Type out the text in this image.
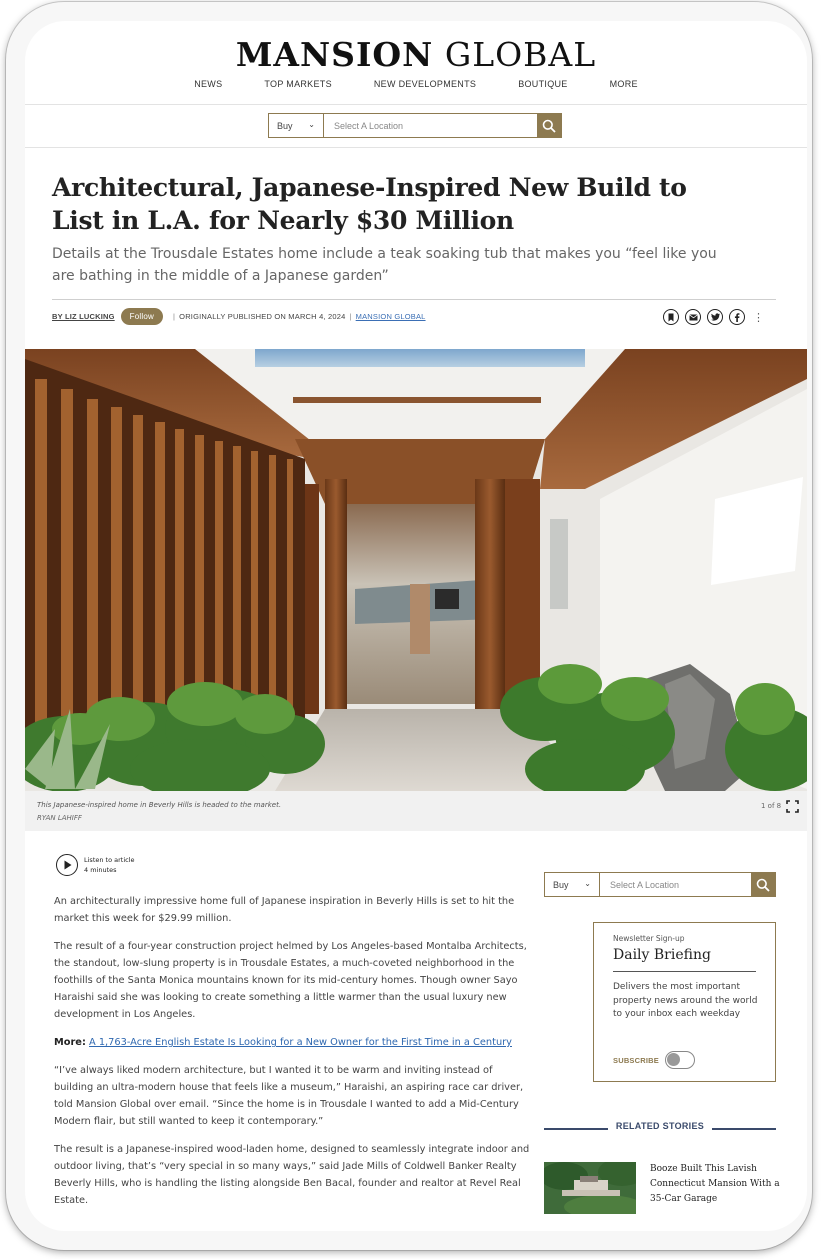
MANSION GLOBAL
NEWS	TOP MARKETS	NEW DEVELOPMENTS	BOUTIQUE	MORE
Buy ⌄	Select A Location
Architectural, Japanese-Inspired New Build to List in L.A. for Nearly $30 Million
Details at the Trousdale Estates home include a teak soaking tub that makes you “feel like you are bathing in the middle of a Japanese garden”
BY LIZ LUCKING	Follow	| ORIGINALLY PUBLISHED ON MARCH 4, 2024 | MANSION GLOBAL	⋮
This Japanese-inspired home in Beverly Hills is headed to the market.
RYAN LAHIFF
1 of 8
Listen to article
4 minutes

An architecturally impressive home full of Japanese inspiration in Beverly Hills is set to hit the market this week for $29.99 million.

The result of a four-year construction project helmed by Los Angeles-based Montalba Architects, the standout, low-slung property is in Trousdale Estates, a much-coveted neighborhood in the foothills of the Santa Monica mountains known for its mid-century homes. Though owner Sayo Haraishi said she was looking to create something a little warmer than the usual luxury new development in Los Angeles.

More: A 1,763-Acre English Estate Is Looking for a New Owner for the First Time in a Century

“I’ve always liked modern architecture, but I wanted it to be warm and inviting instead of building an ultra-modern house that feels like a museum,” Haraishi, an aspiring race car driver, told Mansion Global over email. “Since the home is in Trousdale I wanted to add a Mid-Century Modern flair, but still wanted to keep it contemporary.”

The result is a Japanese-inspired wood-laden home, designed to seamlessly integrate indoor and outdoor living, that’s “very special in so many ways,” said Jade Mills of Coldwell Banker Realty Beverly Hills, who is handling the listing alongside Ben Bacal, founder and realtor at Revel Real Estate.

Buy ⌄	Select A Location
Newsletter Sign-up
Daily Briefing
Delivers the most important property news around the world to your inbox each weekday
SUBSCRIBE
RELATED STORIES
Booze Built This Lavish Connecticut Mansion With a 35-Car Garage
